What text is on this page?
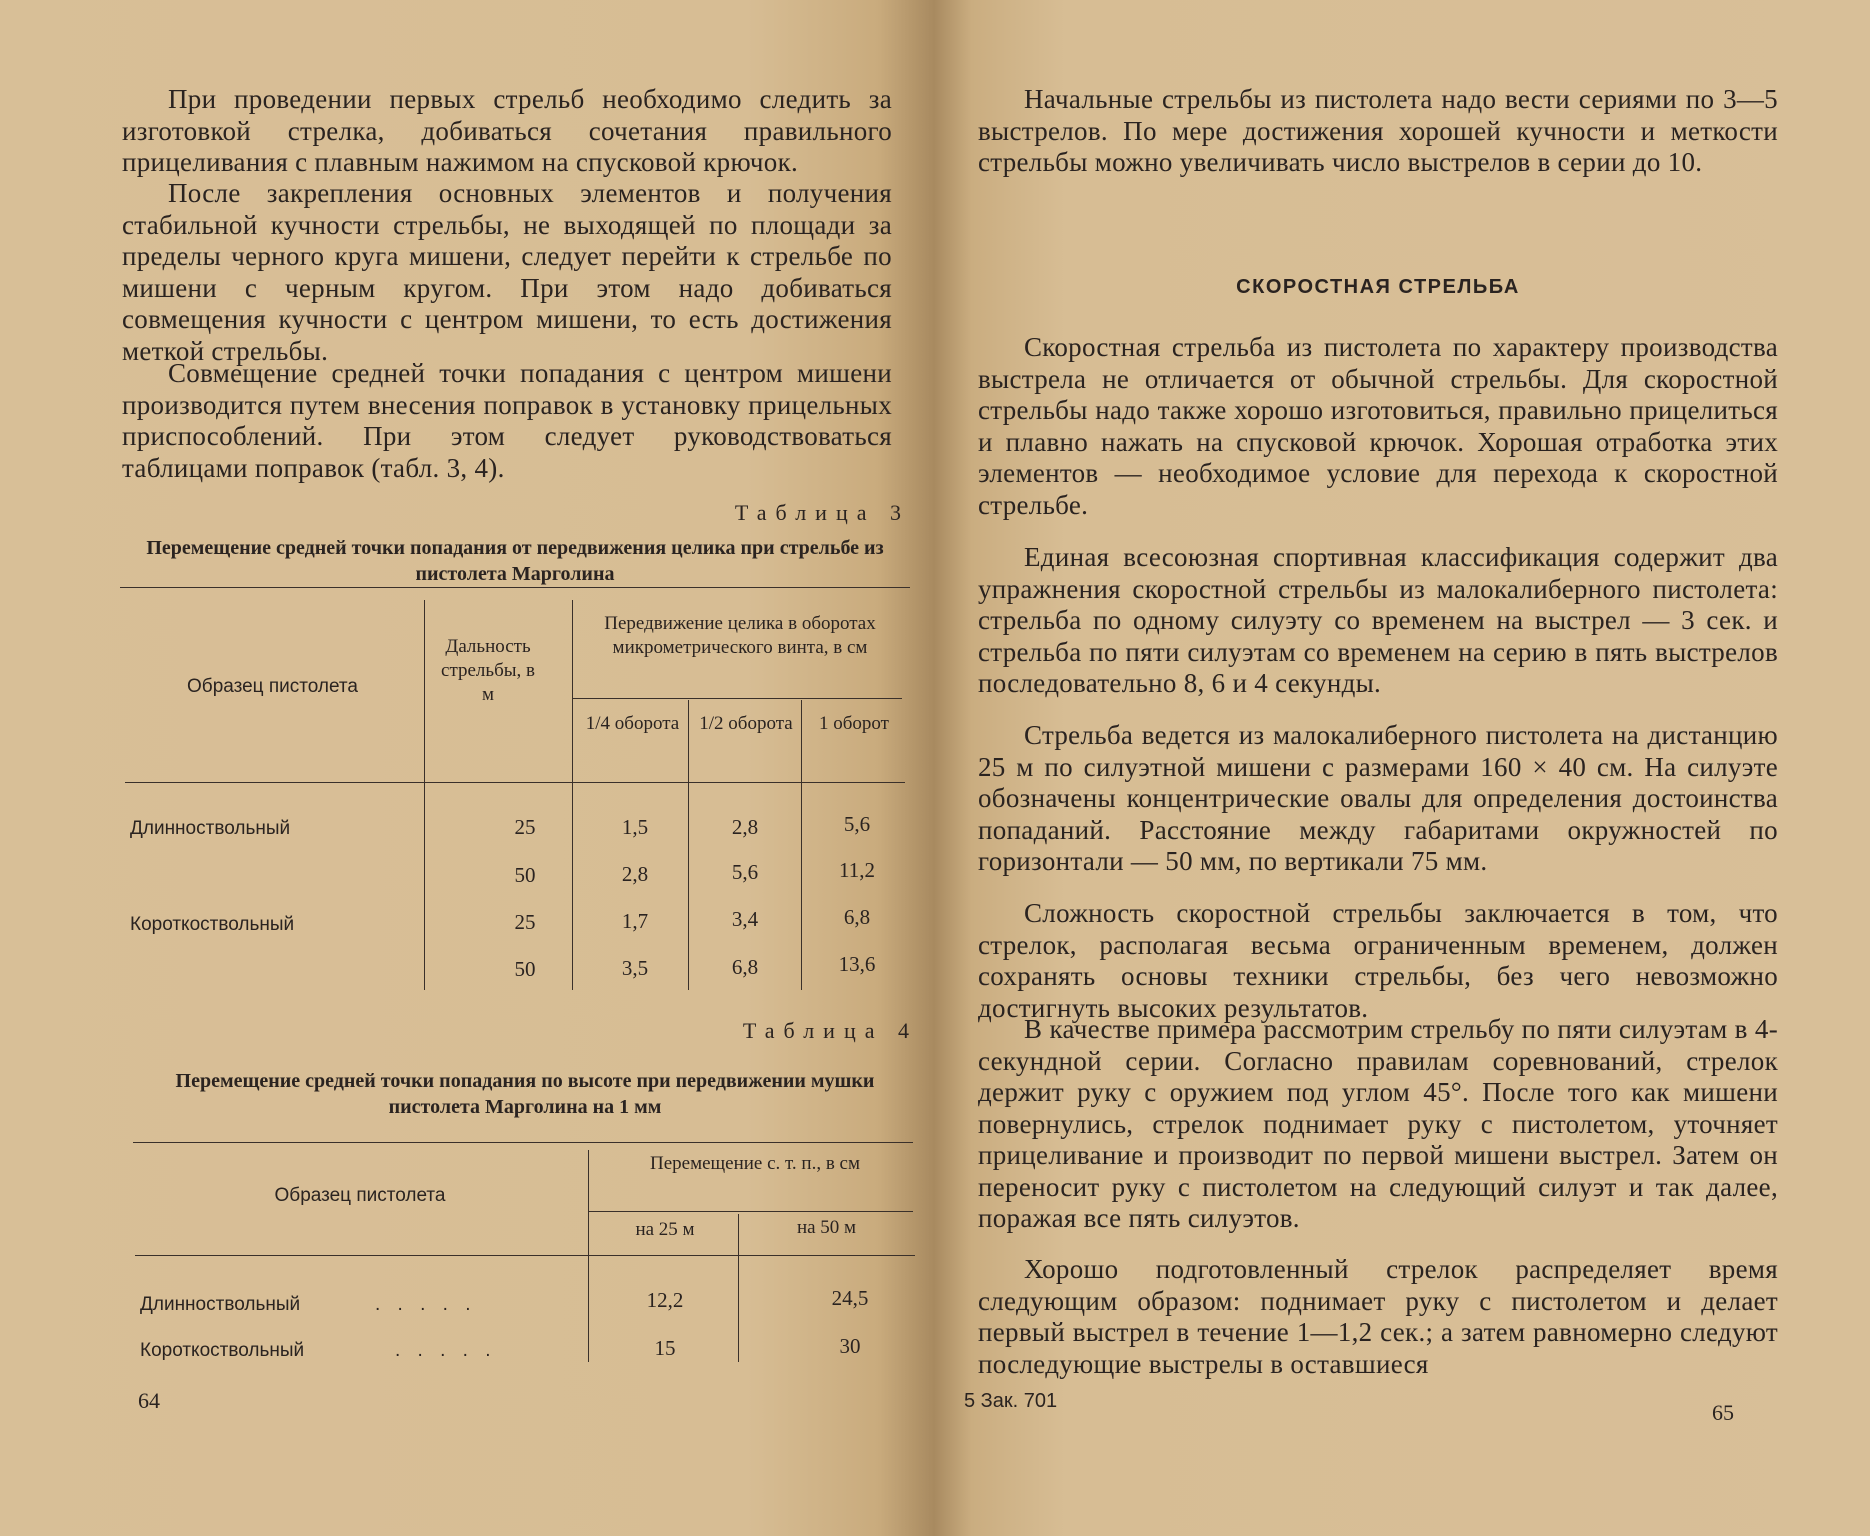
При проведении первых стрельб необходимо следить за изготовкой стрелка, добиваться сочетания правильного прицеливания с плавным нажимом на спусковой крючок.

После закрепления основных элементов и получения стабильной кучности стрельбы, не выходящей по площади за пределы черного круга мишени, следует перейти к стрельбе по мишени с черным кругом. При этом надо добиваться совмещения кучности с центром мишени, то есть достижения меткой стрельбы.

Совмещение средней точки попадания с центром мишени производится путем внесения поправок в установку прицельных приспособлений. При этом следует руководствоваться таблицами поправок (табл. 3, 4).

Таблица 3
Перемещение средней точки попадания от передвижения целика при стрельбе из пистолета Марголина
Образец пистолета
Дальность стрельбы, в м
Передвижение целика в оборотах микрометрического винта, в см
1/4 оборота	1/2 оборота	1 оборот
Длинноствольный	25	1,5	2,8	5,6
50	2,8	5,6	11,2
Короткоствольный	25	1,7	3,4	6,8
50	3,5	6,8	13,6
Таблица 4
Перемещение средней точки попадания по высоте при передвижении мушки пистолета Марголина на 1 мм
Образец пистолета
Перемещение с. т. п., в см
на 25 м	на 50 м
Длинноствольный	. . . . .	12,2	24,5
Короткоствольный	. . . . .	15	30
64

Начальные стрельбы из пистолета надо вести сериями по 3—5 выстрелов. По мере достижения хорошей кучности и меткости стрельбы можно увеличивать число выстрелов в серии до 10.

СКОРОСТНАЯ СТРЕЛЬБА

Скоростная стрельба из пистолета по характеру производства выстрела не отличается от обычной стрельбы. Для скоростной стрельбы надо также хорошо изготовиться, правильно прицелиться и плавно нажать на спусковой крючок. Хорошая отработка этих элементов — необходимое условие для перехода к скоростной стрельбе.

Единая всесоюзная спортивная классификация содержит два упражнения скоростной стрельбы из малокалиберного пистолета: стрельба по одному силуэту со временем на выстрел — 3 сек. и стрельба по пяти силуэтам со временем на серию в пять выстрелов последовательно 8, 6 и 4 секунды.

Стрельба ведется из малокалиберного пистолета на дистанцию 25 м по силуэтной мишени с размерами 160 × 40 см. На силуэте обозначены концентрические овалы для определения достоинства попаданий. Расстояние между габаритами окружностей по горизонтали — 50 мм, по вертикали 75 мм.

Сложность скоростной стрельбы заключается в том, что стрелок, располагая весьма ограниченным временем, должен сохранять основы техники стрельбы, без чего невозможно достигнуть высоких результатов.

В качестве примера рассмотрим стрельбу по пяти силуэтам в 4-секундной серии. Согласно правилам соревнований, стрелок держит руку с оружием под углом 45°. После того как мишени повернулись, стрелок поднимает руку с пистолетом, уточняет прицеливание и производит по первой мишени выстрел. Затем он переносит руку с пистолетом на следующий силуэт и так далее, поражая все пять силуэтов.

Хорошо подготовленный стрелок распределяет время следующим образом: поднимает руку с пистолетом и делает первый выстрел в течение 1—1,2 сек.; а затем равномерно следуют последующие выстрелы в оставшиеся

5 Зак. 701	65
